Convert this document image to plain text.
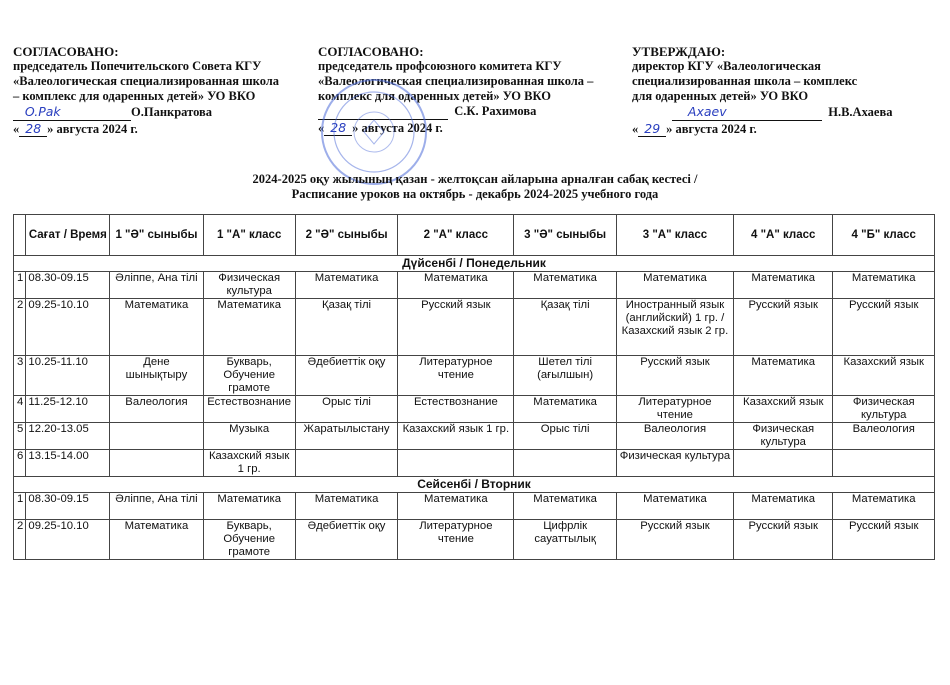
СОГЛАСОВАНО:
председатель Попечительского Совета КГУ
«Валеологическая специализированная школа
– комплекс для одаренных детей» УО ВКО
O.Pak	О.Панкратова
« 28 » августа 2024 г.
СОГЛАСОВАНО:
председатель профсоюзного комитета КГУ
«Валеологическая специализированная школа –
комплекс для одаренных детей» УО ВКО
С.К. Рахимова
« 28 » августа 2024 г.
УТВЕРЖДАЮ:
директор КГУ «Валеологическая
специализированная школа – комплекс
для одаренных детей» УО ВКО
Axaev	Н.В.Ахаева
« 29 » августа 2024 г.
2024-2025 оқу жылының қазан - желтоқсан айларына арналған сабақ кестесі /
Расписание уроков на октябрь - декабрь 2024-2025 учебного года
	Сағат / Время	1 "Ә" сыныбы	1 "А" класс	2 "Ә" сыныбы	2 "А" класс	3 "Ә" сыныбы	3 "А" класс	4 "А" класс	4 "Б" класс
Дүйсенбі / Понедельник									
1	08.30-09.15	Әліппе, Ана тілі	Физическая культура	Математика	Математика	Математика	Математика	Математика	Математика
2	09.25-10.10	Математика	Математика	Қазақ тілі	Русский язык	Қазақ тілі	Иностранный язык (английский) 1 гр. / Казахский язык 2 гр.	Русский язык	Русский язык
3	10.25-11.10	Дене шынықтыру	Букварь, Обучение грамоте	Әдебиеттік оқу	Литературное чтение	Шетел тілі (ағылшын)	Русский язык	Математика	Казахский язык
4	11.25-12.10	Валеология	Естествознание	Орыс тілі	Естествознание	Математика	Литературное чтение	Казахский язык	Физическая культура
5	12.20-13.05		Музыка	Жаратылыстану	Казахский язык 1 гр.	Орыс тілі	Валеология	Физическая культура	Валеология
6	13.15-14.00		Казахский язык 1 гр.				Физическая культура		
Сейсенбі / Вторник									
1	08.30-09.15	Әліппе, Ана тілі	Математика	Математика	Математика	Математика	Математика	Математика	Математика
2	09.25-10.10	Математика	Букварь, Обучение грамоте	Әдебиеттік оқу	Литературное чтение	Цифрлік сауаттылық	Русский язык	Русский язык	Русский язык
